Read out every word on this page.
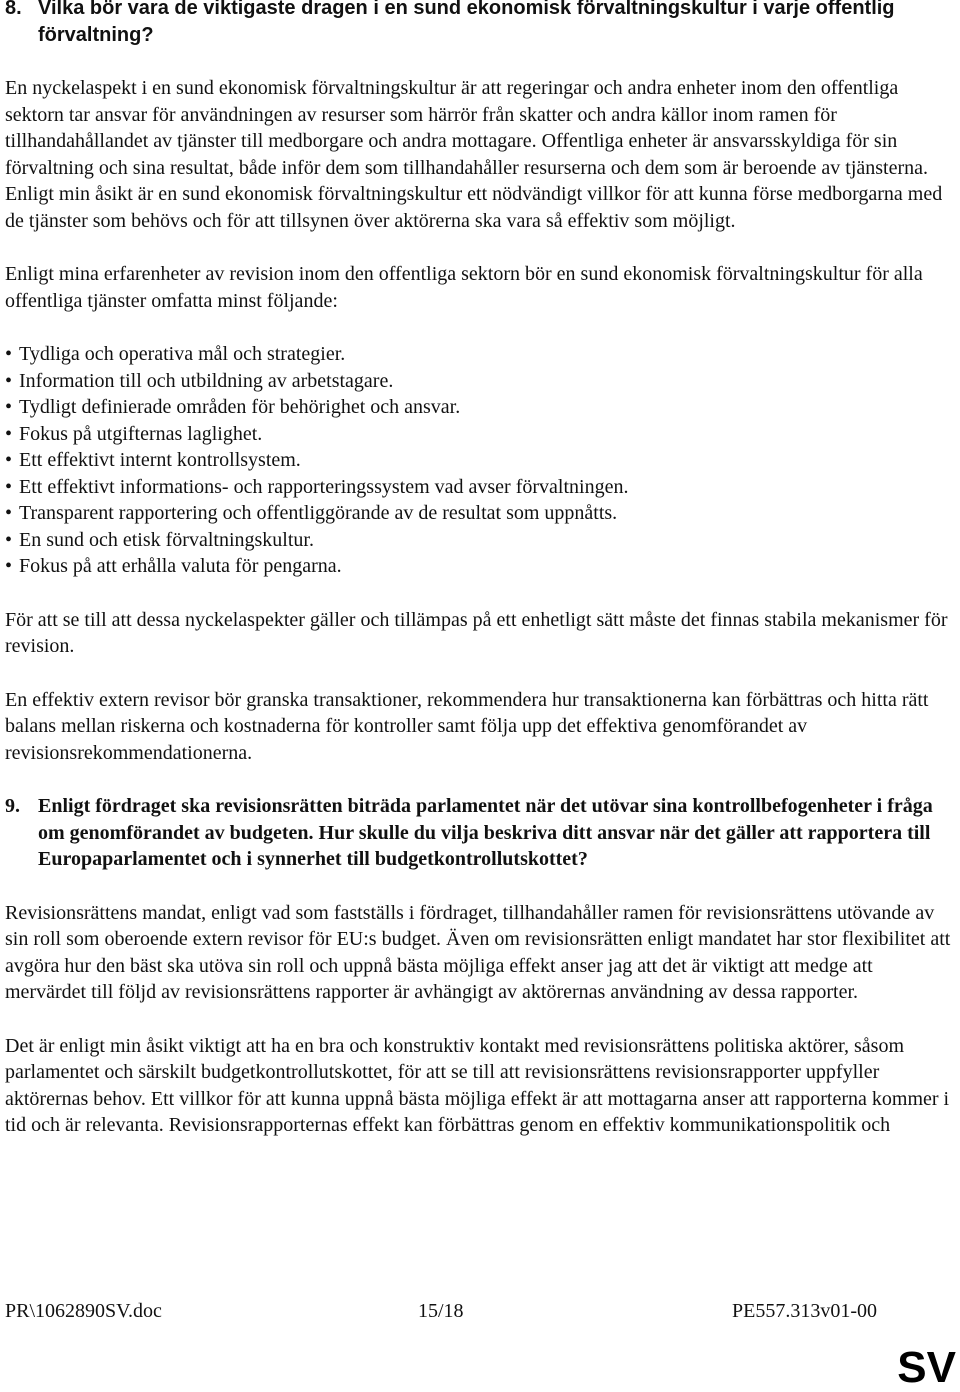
8. Vilka bör vara de viktigaste dragen i en sund ekonomisk förvaltningskultur i varje offentlig förvaltning?

En nyckelaspekt i en sund ekonomisk förvaltningskultur är att regeringar och andra enheter inom den offentliga sektorn tar ansvar för användningen av resurser som härrör från skatter och andra källor inom ramen för tillhandahållandet av tjänster till medborgare och andra mottagare. Offentliga enheter är ansvarsskyldiga för sin förvaltning och sina resultat, både inför dem som tillhandahåller resurserna och dem som är beroende av tjänsterna. Enligt min åsikt är en sund ekonomisk förvaltningskultur ett nödvändigt villkor för att kunna förse medborgarna med de tjänster som behövs och för att tillsynen över aktörerna ska vara så effektiv som möjligt.

Enligt mina erfarenheter av revision inom den offentliga sektorn bör en sund ekonomisk förvaltningskultur för alla offentliga tjänster omfatta minst följande:

• Tydliga och operativa mål och strategier.
• Information till och utbildning av arbetstagare.
• Tydligt definierade områden för behörighet och ansvar.
• Fokus på utgifternas laglighet.
• Ett effektivt internt kontrollsystem.
• Ett effektivt informations- och rapporteringssystem vad avser förvaltningen.
• Transparent rapportering och offentliggörande av de resultat som uppnåtts.
• En sund och etisk förvaltningskultur.
• Fokus på att erhålla valuta för pengarna.

För att se till att dessa nyckelaspekter gäller och tillämpas på ett enhetligt sätt måste det finnas stabila mekanismer för revision.

En effektiv extern revisor bör granska transaktioner, rekommendera hur transaktionerna kan förbättras och hitta rätt balans mellan riskerna och kostnaderna för kontroller samt följa upp det effektiva genomförandet av revisionsrekommendationerna.

9. Enligt fördraget ska revisionsrätten biträda parlamentet när det utövar sina kontrollbefogenheter i fråga om genomförandet av budgeten. Hur skulle du vilja beskriva ditt ansvar när det gäller att rapportera till Europaparlamentet och i synnerhet till budgetkontrollutskottet?

Revisionsrättens mandat, enligt vad som fastställs i fördraget, tillhandahåller ramen för revisionsrättens utövande av sin roll som oberoende extern revisor för EU:s budget. Även om revisionsrätten enligt mandatet har stor flexibilitet att avgöra hur den bäst ska utöva sin roll och uppnå bästa möjliga effekt anser jag att det är viktigt att medge att mervärdet till följd av revisionsrättens rapporter är avhängigt av aktörernas användning av dessa rapporter.

Det är enligt min åsikt viktigt att ha en bra och konstruktiv kontakt med revisionsrättens politiska aktörer, såsom parlamentet och särskilt budgetkontrollutskottet, för att se till att revisionsrättens revisionsrapporter uppfyller aktörernas behov. Ett villkor för att kunna uppnå bästa möjliga effekt är att mottagarna anser att rapporterna kommer i tid och är relevanta. Revisionsrapporternas effekt kan förbättras genom en effektiv kommunikationspolitik och

PR\1062890SV.doc	15/18	PE557.313v01-00
SV
